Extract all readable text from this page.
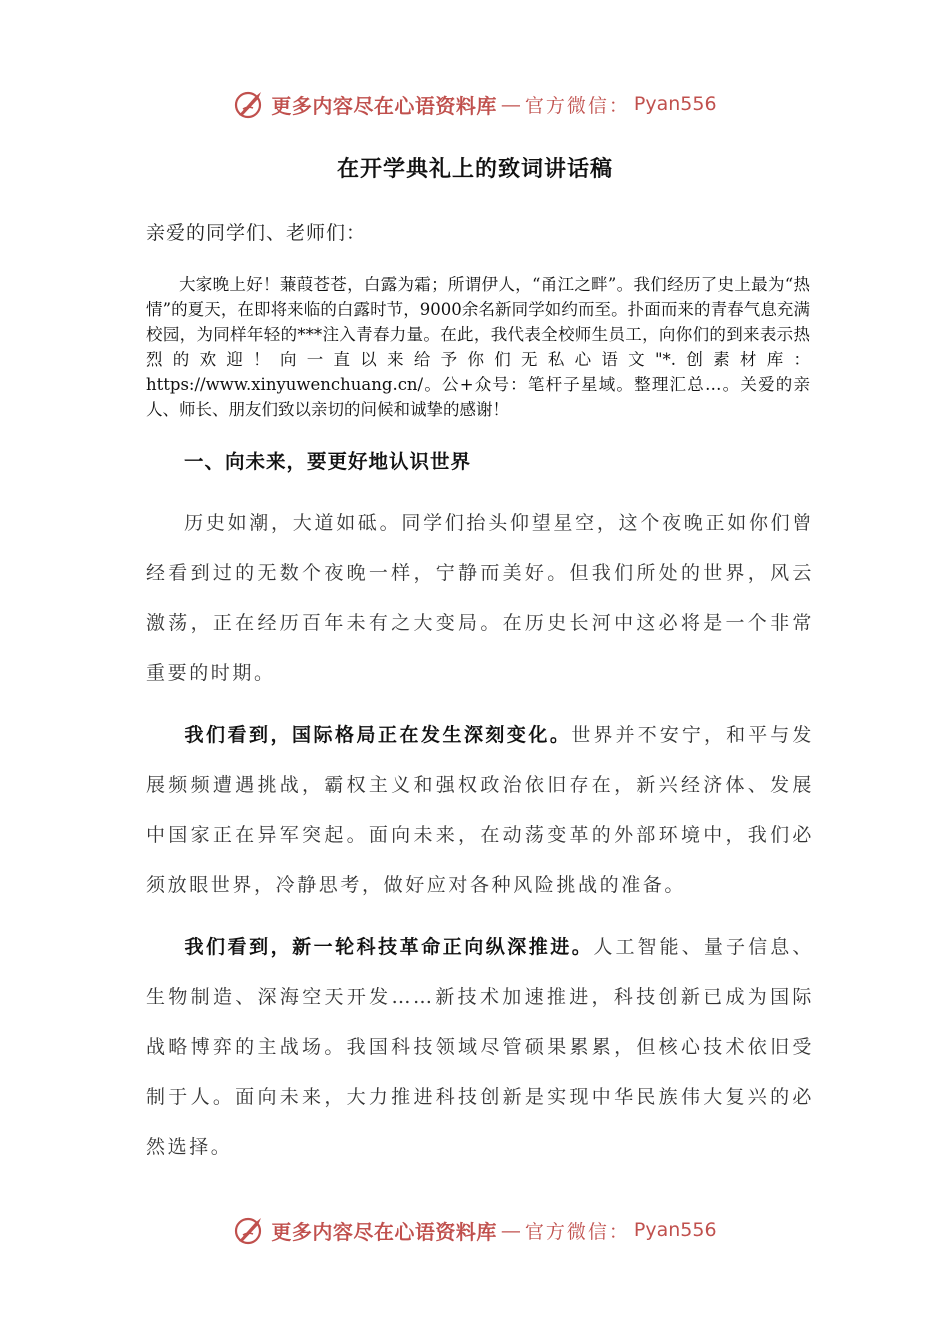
更多内容尽在心语资料库 — 官方微信： Pyan556
在开学典礼上的致词讲话稿
亲爱的同学们、老师们：

大家晚上好！蒹葭苍苍，白露为霜；所谓伊人，“甬江之畔”。我们经历了史上最为“热情”的夏天，在即将来临的白露时节，9000余名新同学如约而至。扑面而来的青春气息充满校园，为同样年轻的***注入青春力量。在此，我代表全校师生员工，向你们的到来表示热烈的欢迎！向一直以来给予你们无私心语文"*.创素材库：https://www.xinyuwenchuang.cn/。公+众号：笔杆子星域。整理汇总…。关爱的亲人、师长、朋友们致以亲切的问候和诚挚的感谢！

一、向未来，要更好地认识世界

历史如潮，大道如砥。同学们抬头仰望星空，这个夜晚正如你们曾经看到过的无数个夜晚一样，宁静而美好。但我们所处的世界，风云激荡，正在经历百年未有之大变局。在历史长河中这必将是一个非常重要的时期。

我们看到，国际格局正在发生深刻变化。世界并不安宁，和平与发展频频遭遇挑战，霸权主义和强权政治依旧存在，新兴经济体、发展中国家正在异军突起。面向未来，在动荡变革的外部环境中，我们必须放眼世界，冷静思考，做好应对各种风险挑战的准备。

我们看到，新一轮科技革命正向纵深推进。人工智能、量子信息、生物制造、深海空天开发……新技术加速推进，科技创新已成为国际战略博弈的主战场。我国科技领域尽管硕果累累，但核心技术依旧受制于人。面向未来，大力推进科技创新是实现中华民族伟大复兴的必然选择。

更多内容尽在心语资料库 — 官方微信： Pyan556
